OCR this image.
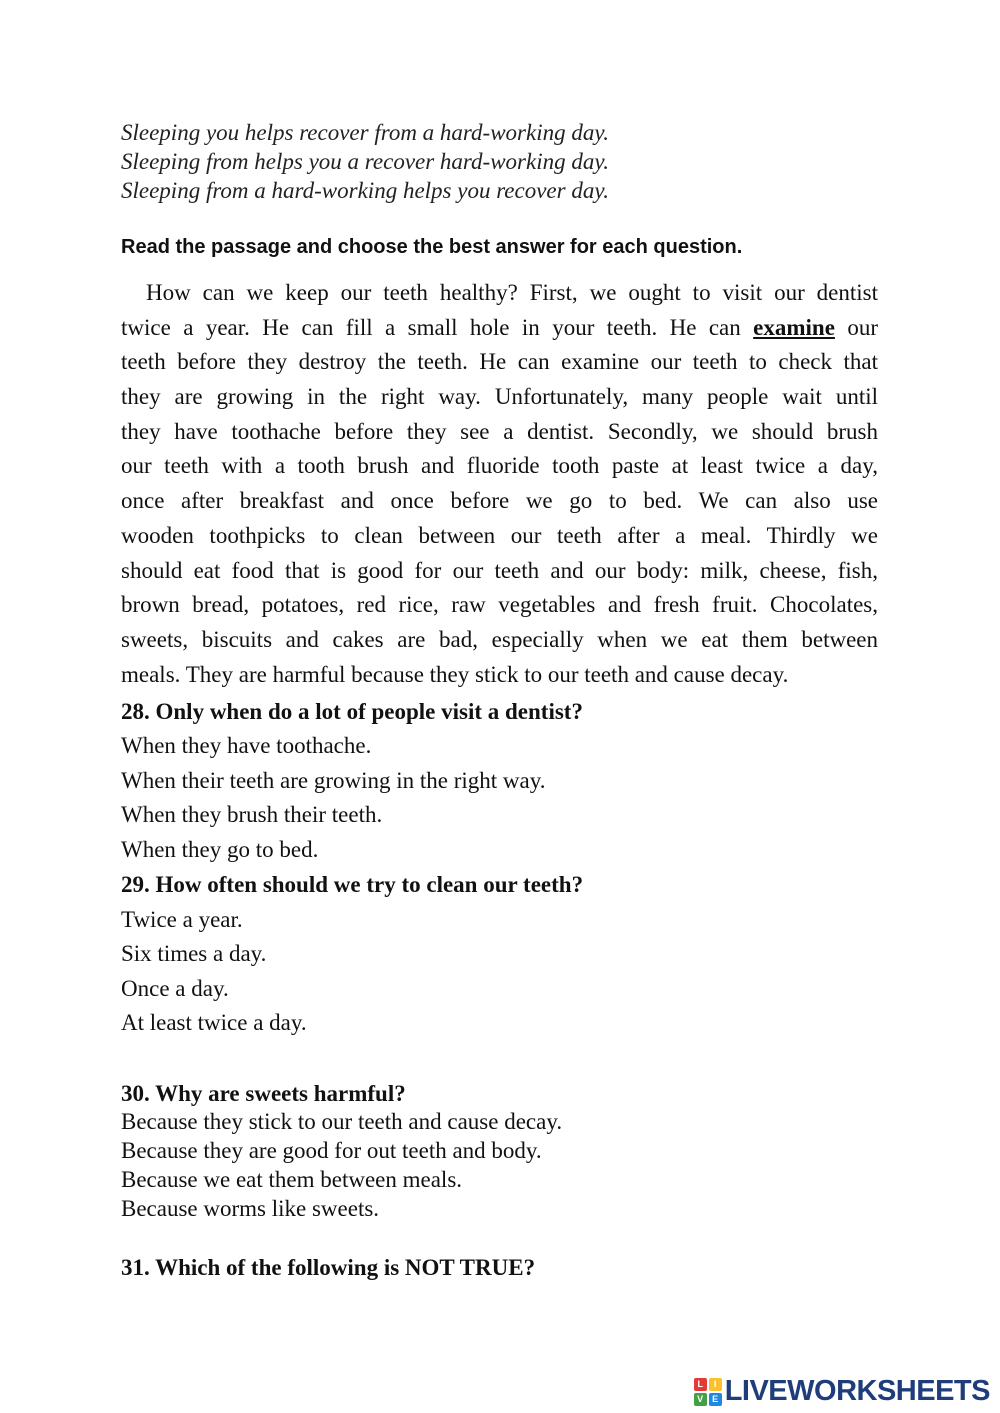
Sleeping you helps recover from a hard-working day.
Sleeping from helps you a recover hard-working day.
Sleeping from a hard-working helps you recover day.
Read the passage and choose the best answer for each question.
How can we keep our teeth healthy? First, we ought to visit our dentist
twice a year. He can fill a small hole in your teeth. He can examine our
teeth before they destroy the teeth. He can examine our teeth to check that
they are growing in the right way. Unfortunately, many people wait until
they have toothache before they see a dentist. Secondly, we should brush
our teeth with a tooth brush and fluoride tooth paste at least twice a day,
once after breakfast and once before we go to bed. We can also use
wooden toothpicks to clean between our teeth after a meal. Thirdly we
should eat food that is good for our teeth and our body: milk, cheese, fish,
brown bread, potatoes, red rice, raw vegetables and fresh fruit. Chocolates,
sweets, biscuits and cakes are bad, especially when we eat them between
meals. They are harmful because they stick to our teeth and cause decay.
28. Only when do a lot of people visit a dentist?
When they have toothache.
When their teeth are growing in the right way.
When they brush their teeth.
When they go to bed.
29. How often should we try to clean our teeth?
Twice a year.
Six times a day.
Once a day.
At least twice a day.
30. Why are sweets harmful?
Because they stick to our teeth and cause decay.
Because they are good for out teeth and body.
Because we eat them between meals.
Because worms like sweets.
31. Which of the following is NOT TRUE?
L	I
V E LIVEWORKSHEETS
